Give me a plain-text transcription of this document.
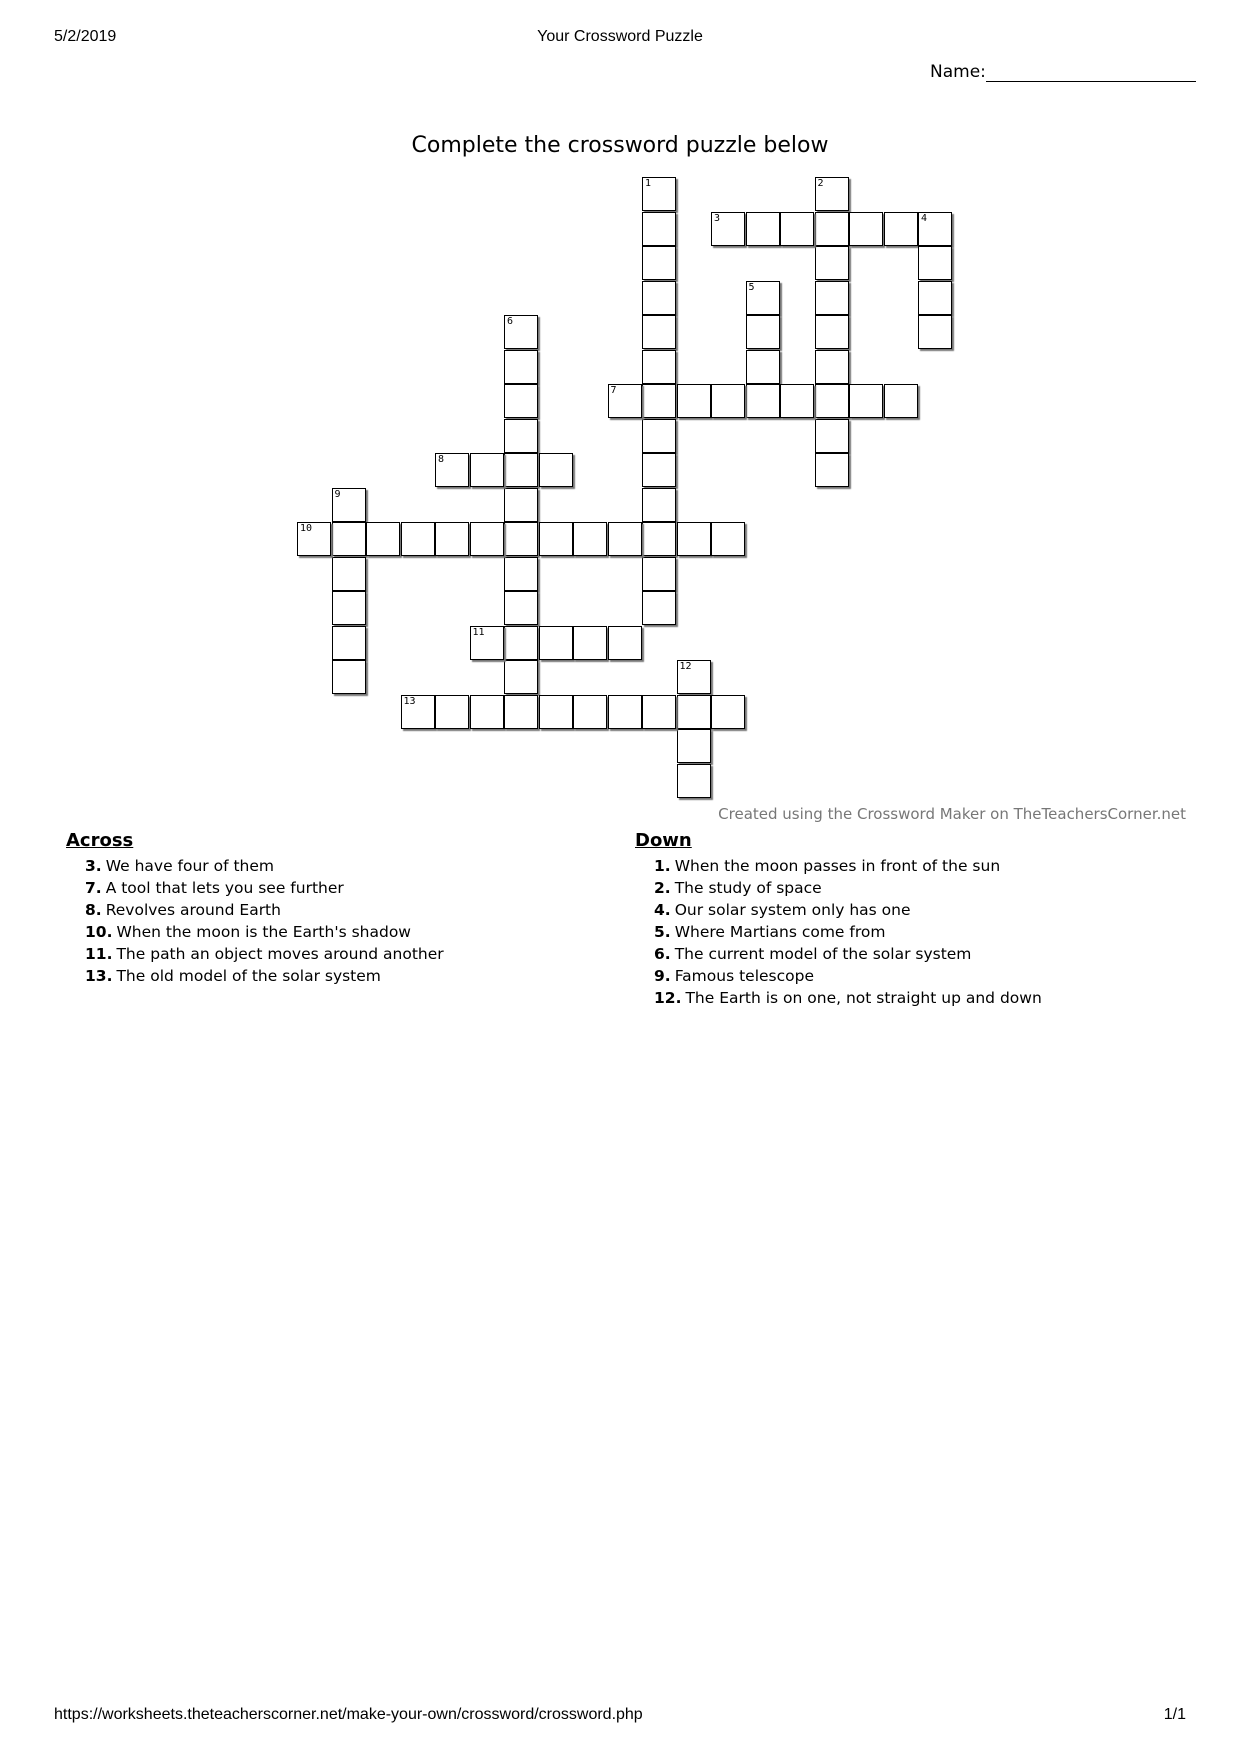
5/2/2019	Your Crossword Puzzle
Name:
Complete the crossword puzzle below
1	2
3	4
5
6
7
8
9
10
11
12
13
Created using the Crossword Maker on TheTeachersCorner.net
Across
3. We have four of them
7. A tool that lets you see further
8. Revolves around Earth
10. When the moon is the Earth's shadow
11. The path an object moves around another
13. The old model of the solar system
Down
1. When the moon passes in front of the sun
2. The study of space
4. Our solar system only has one
5. Where Martians come from
6. The current model of the solar system
9. Famous telescope
12. The Earth is on one, not straight up and down
https://worksheets.theteacherscorner.net/make-your-own/crossword/crossword.php	1/1
